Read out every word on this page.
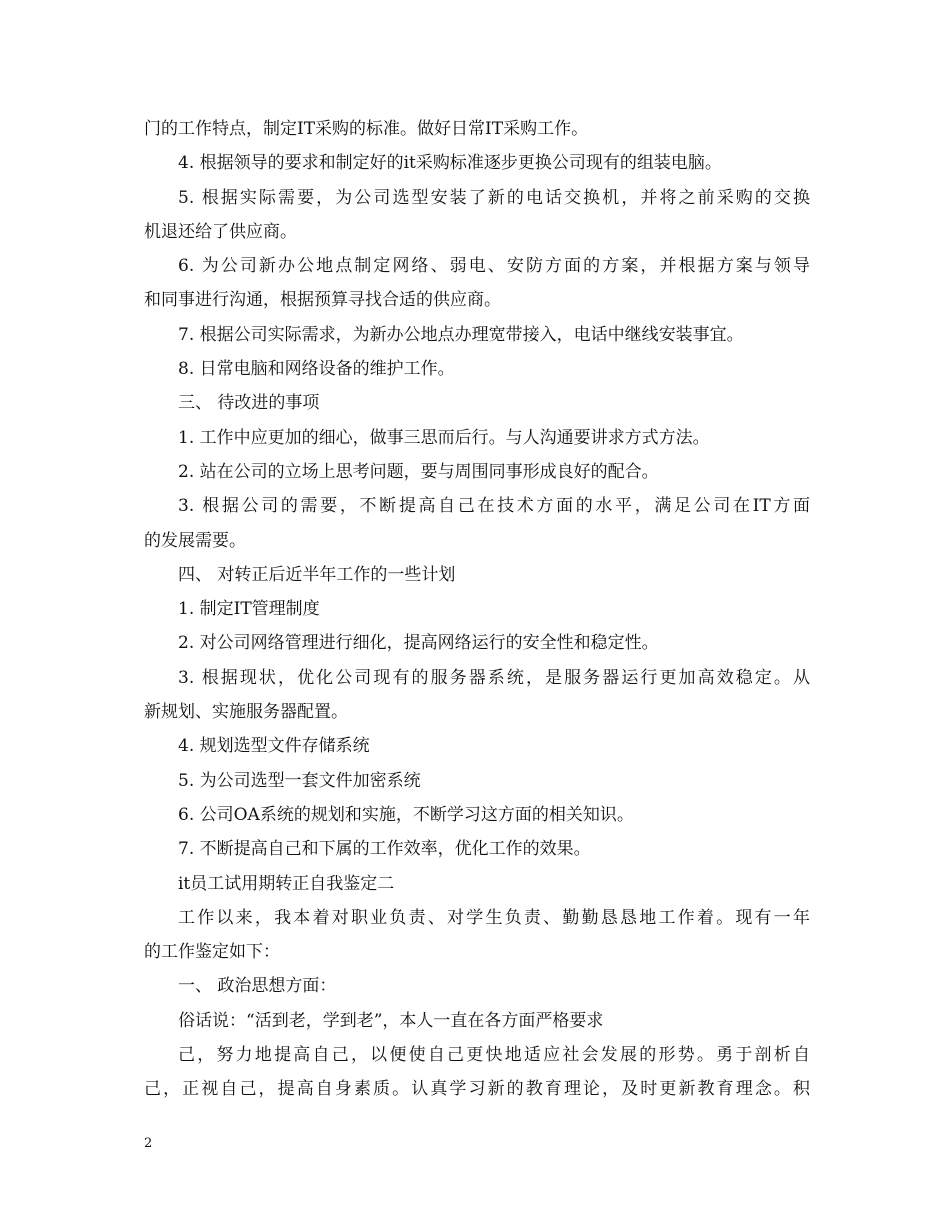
门的工作特点，制定IT采购的标准。做好日常IT采购工作。
4. 根据领导的要求和制定好的it采购标准逐步更换公司现有的组装电脑。
5. 根据实际需要，为公司选型安装了新的电话交换机，并将之前采购的交换
机退还给了供应商。
6. 为公司新办公地点制定网络、弱电、安防方面的方案，并根据方案与领导
和同事进行沟通，根据预算寻找合适的供应商。
7. 根据公司实际需求，为新办公地点办理宽带接入，电话中继线安装事宜。
8. 日常电脑和网络设备的维护工作。
三、 待改进的事项
1. 工作中应更加的细心，做事三思而后行。与人沟通要讲求方式方法。
2. 站在公司的立场上思考问题，要与周围同事形成良好的配合。
3. 根据公司的需要，不断提高自己在技术方面的水平，满足公司在IT方面
的发展需要。
四、 对转正后近半年工作的一些计划
1. 制定IT管理制度
2. 对公司网络管理进行细化，提高网络运行的安全性和稳定性。
3. 根据现状，优化公司现有的服务器系统，是服务器运行更加高效稳定。从
新规划、实施服务器配置。
4. 规划选型文件存储系统
5. 为公司选型一套文件加密系统
6. 公司OA系统的规划和实施，不断学习这方面的相关知识。
7. 不断提高自己和下属的工作效率，优化工作的效果。
it员工试用期转正自我鉴定二
工作以来，我本着对职业负责、对学生负责、勤勤恳恳地工作着。现有一年
的工作鉴定如下：
一、 政治思想方面：
俗话说：“活到老，学到老”，本人一直在各方面严格要求
己，努力地提高自己，以便使自己更快地适应社会发展的形势。勇于剖析自
己，正视自己，提高自身素质。认真学习新的教育理论，及时更新教育理念。积
2
